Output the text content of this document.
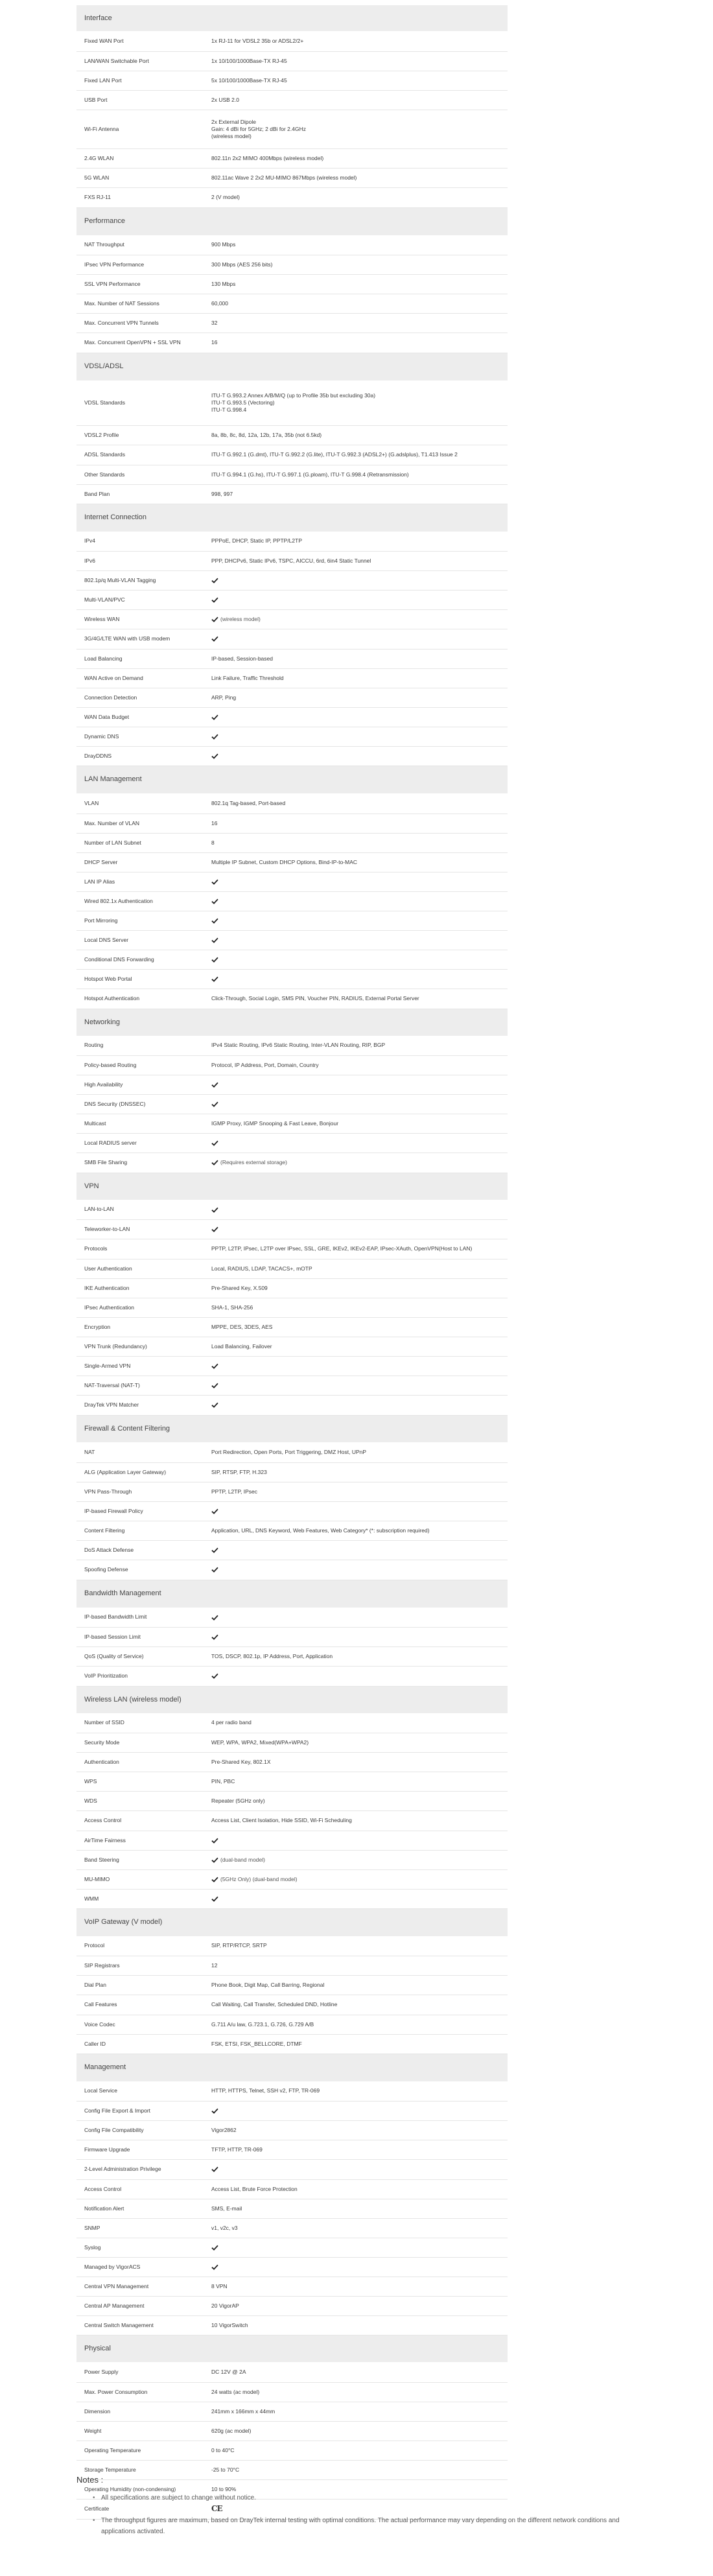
Interface	
Fixed WAN Port	1x RJ-11 for VDSL2 35b or ADSL2/2+
LAN/WAN Switchable Port	1x 10/100/1000Base-TX RJ-45
Fixed LAN Port	5x 10/100/1000Base-TX RJ-45
USB Port	2x USB 2.0
Wi-Fi Antenna	2x External Dipole
Gain: 4 dBi for 5GHz; 2 dBi for 2.4GHz
(wireless model)
2.4G WLAN	802.11n 2x2 MIMO 400Mbps (wireless model)
5G WLAN	802.11ac Wave 2 2x2 MU-MIMO 867Mbps (wireless model)
FXS RJ-11	2 (V model)
Performance	
NAT Throughput	900 Mbps
IPsec VPN Performance	300 Mbps (AES 256 bits)
SSL VPN Performance	130 Mbps
Max. Number of NAT Sessions	60,000
Max. Concurrent VPN Tunnels	32
Max. Concurrent OpenVPN + SSL VPN	16
VDSL/ADSL	
VDSL Standards	ITU-T G.993.2 Annex A/B/M/Q (up to Profile 35b but excluding 30a)
ITU-T G.993.5 (Vectoring)
ITU-T G.998.4
VDSL2 Profile	8a, 8b, 8c, 8d, 12a, 12b, 17a, 35b (not 6.5kd)
ADSL Standards	ITU-T G.992.1 (G.dmt), ITU-T G.992.2 (G.lite), ITU-T G.992.3 (ADSL2+) (G.adslplus), T1.413 Issue 2
Other Standards	ITU-T G.994.1 (G.hs), ITU-T G.997.1 (G.ploam), ITU-T G.998.4 (Retransmission)
Band Plan	998, 997
Internet Connection	
IPv4	PPPoE, DHCP, Static IP, PPTP/L2TP
IPv6	PPP, DHCPv6, Static IPv6, TSPC, AICCU, 6rd, 6in4 Static Tunnel
802.1p/q Multi-VLAN Tagging	

Multi-VLAN/PVC	

Wireless WAN	(wireless model)
3G/4G/LTE WAN with USB modem	

Load Balancing	IP-based, Session-based
WAN Active on Demand	Link Failure, Traffic Threshold
Connection Detection	ARP, Ping
WAN Data Budget	

Dynamic DNS	

DrayDDNS	

LAN Management	
VLAN	802.1q Tag-based, Port-based
Max. Number of VLAN	16
Number of LAN Subnet	8
DHCP Server	Multiple IP Subnet, Custom DHCP Options, Bind-IP-to-MAC
LAN IP Alias	

Wired 802.1x Authentication	

Port Mirroring	

Local DNS Server	

Conditional DNS Forwarding	

Hotspot Web Portal	

Hotspot Authentication	Click-Through, Social Login, SMS PIN, Voucher PIN, RADIUS, External Portal Server
Networking	
Routing	IPv4 Static Routing, IPv6 Static Routing, Inter-VLAN Routing, RIP, BGP
Policy-based Routing	Protocol, IP Address, Port, Domain, Country
High Availability	

DNS Security (DNSSEC)	

Multicast	IGMP Proxy, IGMP Snooping & Fast Leave, Bonjour
Local RADIUS server	

SMB File Sharing	(Requires external storage)
VPN	
LAN-to-LAN	

Teleworker-to-LAN	

Protocols	PPTP, L2TP, IPsec, L2TP over IPsec, SSL, GRE, IKEv2, IKEv2-EAP, IPsec-XAuth, OpenVPN(Host to LAN)
User Authentication	Local, RADIUS, LDAP, TACACS+, mOTP
IKE Authentication	Pre-Shared Key, X.509
IPsec Authentication	SHA-1, SHA-256
Encryption	MPPE, DES, 3DES, AES
VPN Trunk (Redundancy)	Load Balancing, Failover
Single-Armed VPN	

NAT-Traversal (NAT-T)	

DrayTek VPN Matcher	

Firewall & Content Filtering	
NAT	Port Redirection, Open Ports, Port Triggering, DMZ Host, UPnP
ALG (Application Layer Gateway)	SIP, RTSP, FTP, H.323
VPN Pass-Through	PPTP, L2TP, IPsec
IP-based Firewall Policy	

Content Filtering	Application, URL, DNS Keyword, Web Features, Web Category* (*: subscription required)
DoS Attack Defense	

Spoofing Defense	

Bandwidth Management	
IP-based Bandwidth Limit	

IP-based Session Limit	

QoS (Quality of Service)	TOS, DSCP, 802.1p, IP Address, Port, Application
VoIP Prioritization	

Wireless LAN (wireless model)	
Number of SSID	4 per radio band
Security Mode	WEP, WPA, WPA2, Mixed(WPA+WPA2)
Authentication	Pre-Shared Key, 802.1X
WPS	PIN, PBC
WDS	Repeater (5GHz only)
Access Control	Access List, Client Isolation, Hide SSID, Wi-Fi Scheduling
AirTime Fairness	

Band Steering	(dual-band model)
MU-MIMO	(5GHz Only) (dual-band model)
WMM	

VoIP Gateway (V model)	
Protocol	SIP, RTP/RTCP, SRTP
SIP Registrars	12
Dial Plan	Phone Book, Digit Map, Call Barring, Regional
Call Features	Call Waiting, Call Transfer, Scheduled DND, Hotline
Voice Codec	G.711 A/u law, G.723.1, G.726, G.729 A/B
Caller ID	FSK, ETSI, FSK_BELLCORE, DTMF
Management	
Local Service	HTTP, HTTPS, Telnet, SSH v2, FTP, TR-069
Config File Export & Import	

Config File Compatibility	Vigor2862
Firmware Upgrade	TFTP, HTTP, TR-069
2-Level Administration Privilege	

Access Control	Access List, Brute Force Protection
Notification Alert	SMS, E-mail
SNMP	v1, v2c, v3
Syslog	

Managed by VigorACS	

Central VPN Management	8 VPN
Central AP Management	20 VigorAP
Central Switch Management	10 VigorSwitch
Physical	
Power Supply	DC 12V @ 2A
Max. Power Consumption	24 watts (ac model)
Dimension	241mm x 166mm x 44mm
Weight	620g (ac model)
Operating Temperature	0 to 40°C
Storage Temperature	-25 to 70°C
Operating Humidity (non-condensing)	10 to 90%
Certificate	CE
Notes :
• All specifications are subject to change without notice.
• The throughput figures are maximum, based on DrayTek internal testing with optimal conditions. The actual performance may vary depending on the different network conditions and applications activated.
